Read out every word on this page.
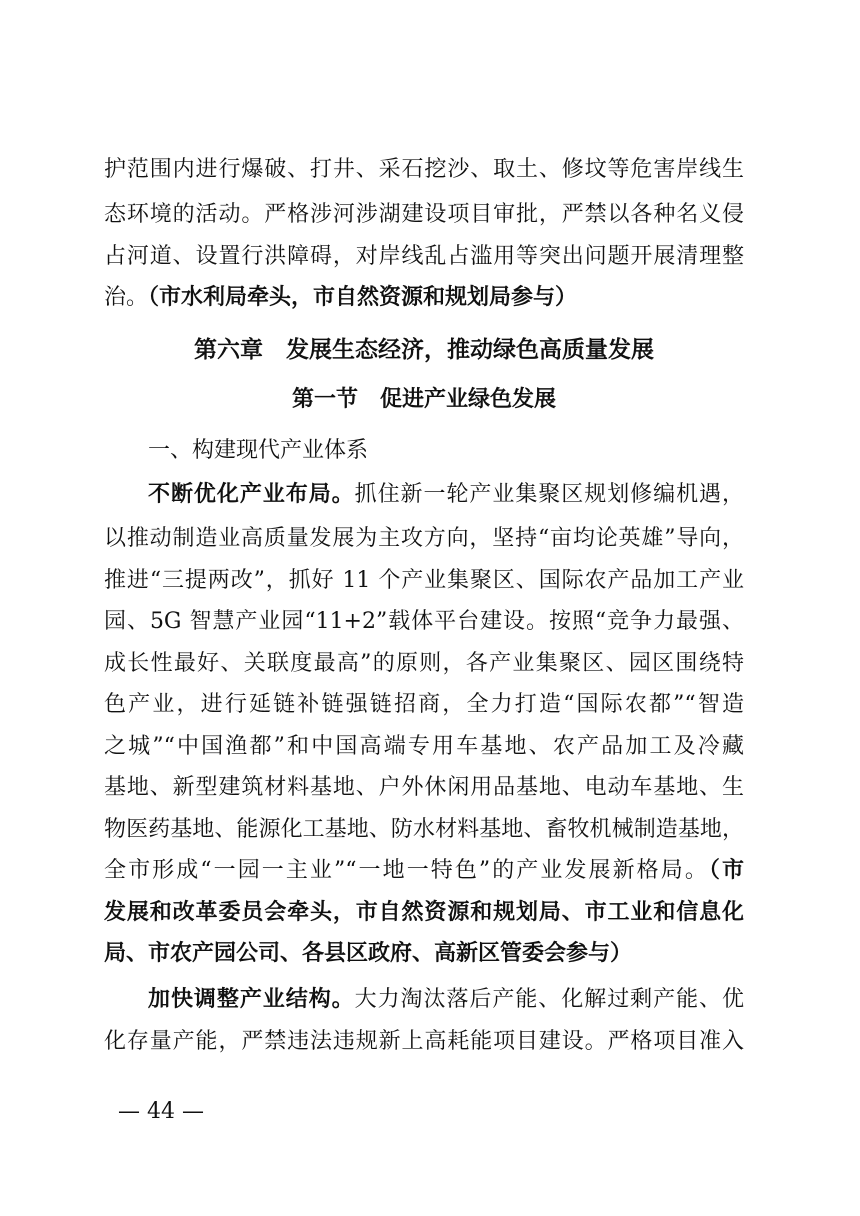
护范围内进行爆破、打井、采石挖沙、取土、修坟等危害岸线生
态环境的活动。严格涉河涉湖建设项目审批，严禁以各种名义侵
占河道、设置行洪障碍，对岸线乱占滥用等突出问题开展清理整
治。（市水利局牵头，市自然资源和规划局参与）
第六章　发展生态经济，推动绿色高质量发展
第一节　促进产业绿色发展
一、构建现代产业体系
不断优化产业布局。抓住新一轮产业集聚区规划修编机遇，
以推动制造业高质量发展为主攻方向，坚持“亩均论英雄”导向，
推进“三提两改”，抓好 11 个产业集聚区、国际农产品加工产业
园、5G 智慧产业园“11+2”载体平台建设。按照“竞争力最强、
成长性最好、关联度最高”的原则，各产业集聚区、园区围绕特
色产业，进行延链补链强链招商，全力打造“国际农都”“智造
之城”“中国渔都”和中国高端专用车基地、农产品加工及冷藏
基地、新型建筑材料基地、户外休闲用品基地、电动车基地、生
物医药基地、能源化工基地、防水材料基地、畜牧机械制造基地，
全市形成“一园一主业”“一地一特色”的产业发展新格局。（市
发展和改革委员会牵头，市自然资源和规划局、市工业和信息化
局、市农产园公司、各县区政府、高新区管委会参与）
加快调整产业结构。大力淘汰落后产能、化解过剩产能、优
化存量产能，严禁违法违规新上高耗能项目建设。严格项目准入
— 44 —
